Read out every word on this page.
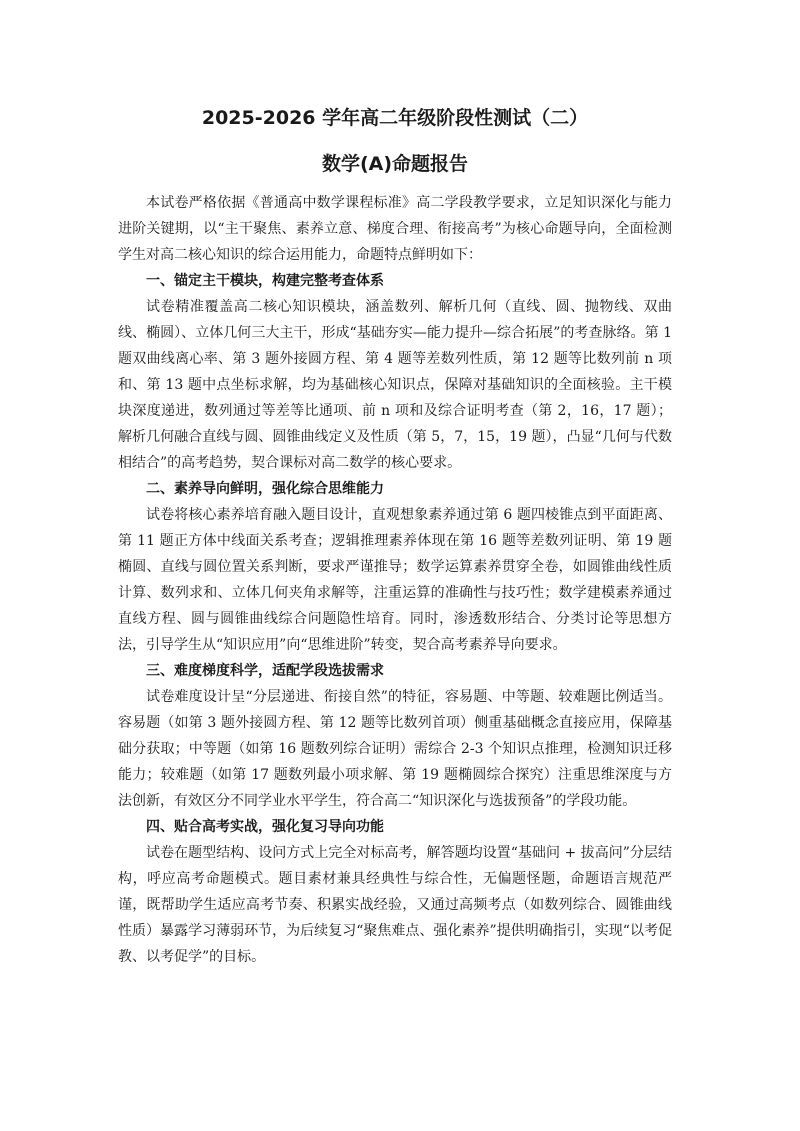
2025-2026 学年高二年级阶段性测试（二）
数学(A)命题报告

本试卷严格依据《普通高中数学课程标准》高二学段教学要求，立足知识深化与能力进阶关键期，以“主干聚焦、素养立意、梯度合理、衔接高考”为核心命题导向，全面检测学生对高二核心知识的综合运用能力，命题特点鲜明如下：

一、锚定主干模块，构建完整考查体系

试卷精准覆盖高二核心知识模块，涵盖数列、解析几何（直线、圆、抛物线、双曲线、椭圆）、立体几何三大主干，形成“基础夯实—能力提升—综合拓展”的考查脉络。第 1 题双曲线离心率、第 3 题外接圆方程、第 4 题等差数列性质，第 12 题等比数列前 n 项和、第 13 题中点坐标求解，均为基础核心知识点，保障对基础知识的全面核验。主干模块深度递进，数列通过等差等比通项、前 n 项和及综合证明考查（第 2，16，17 题）；解析几何融合直线与圆、圆锥曲线定义及性质（第 5，7，15，19 题），凸显“几何与代数相结合”的高考趋势，契合课标对高二数学的核心要求。

二、素养导向鲜明，强化综合思维能力

试卷将核心素养培育融入题目设计，直观想象素养通过第 6 题四棱锥点到平面距离、第 11 题正方体中线面关系考查；逻辑推理素养体现在第 16 题等差数列证明、第 19 题椭圆、直线与圆位置关系判断，要求严谨推导；数学运算素养贯穿全卷，如圆锥曲线性质计算、数列求和、立体几何夹角求解等，注重运算的准确性与技巧性；数学建模素养通过直线方程、圆与圆锥曲线综合问题隐性培育。同时，渗透数形结合、分类讨论等思想方法，引导学生从“知识应用”向“思维进阶”转变，契合高考素养导向要求。

三、难度梯度科学，适配学段选拔需求

试卷难度设计呈“分层递进、衔接自然”的特征，容易题、中等题、较难题比例适当。容易题（如第 3 题外接圆方程、第 12 题等比数列首项）侧重基础概念直接应用，保障基础分获取；中等题（如第 16 题数列综合证明）需综合 2-3 个知识点推理，检测知识迁移能力；较难题（如第 17 题数列最小项求解、第 19 题椭圆综合探究）注重思维深度与方法创新，有效区分不同学业水平学生，符合高二“知识深化与选拔预备”的学段功能。

四、贴合高考实战，强化复习导向功能

试卷在题型结构、设问方式上完全对标高考，解答题均设置“基础问 + 拔高问”分层结构，呼应高考命题模式。题目素材兼具经典性与综合性，无偏题怪题，命题语言规范严谨，既帮助学生适应高考节奏、积累实战经验，又通过高频考点（如数列综合、圆锥曲线性质）暴露学习薄弱环节，为后续复习“聚焦难点、强化素养”提供明确指引，实现“以考促教、以考促学”的目标。
